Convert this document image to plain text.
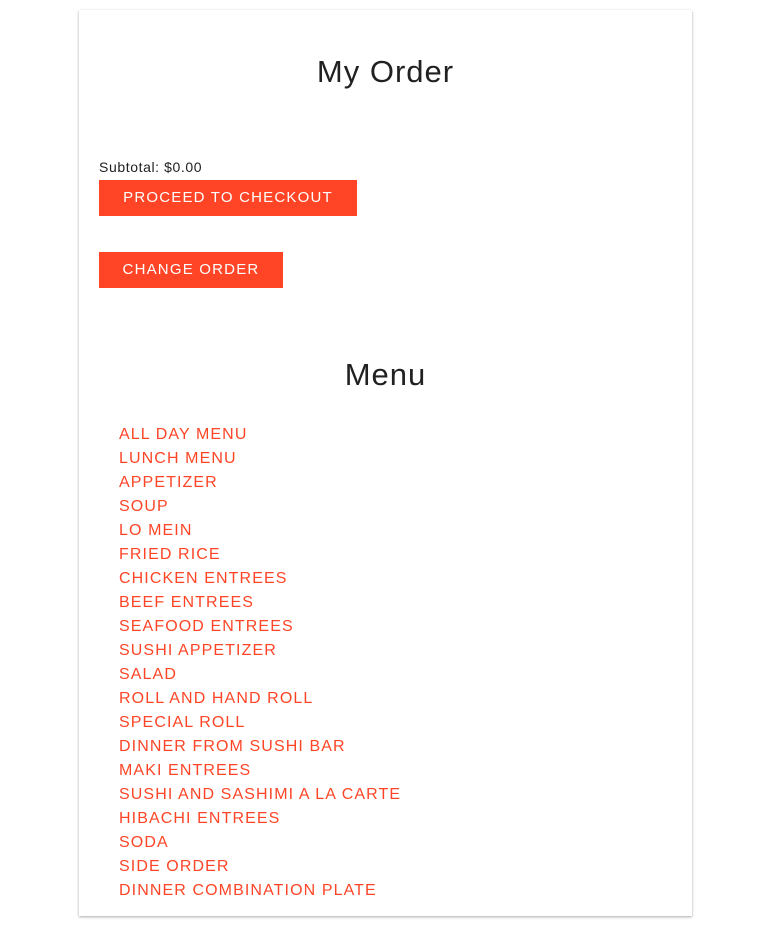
My Order
Subtotal: $0.00
PROCEED TO CHECKOUT
CHANGE ORDER
Menu
ALL DAY MENU
LUNCH MENU
APPETIZER
SOUP
LO MEIN
FRIED RICE
CHICKEN ENTREES
BEEF ENTREES
SEAFOOD ENTREES
SUSHI APPETIZER
SALAD
ROLL AND HAND ROLL
SPECIAL ROLL
DINNER FROM SUSHI BAR
MAKI ENTREES
SUSHI AND SASHIMI A LA CARTE
HIBACHI ENTREES
SODA
SIDE ORDER
DINNER COMBINATION PLATE
